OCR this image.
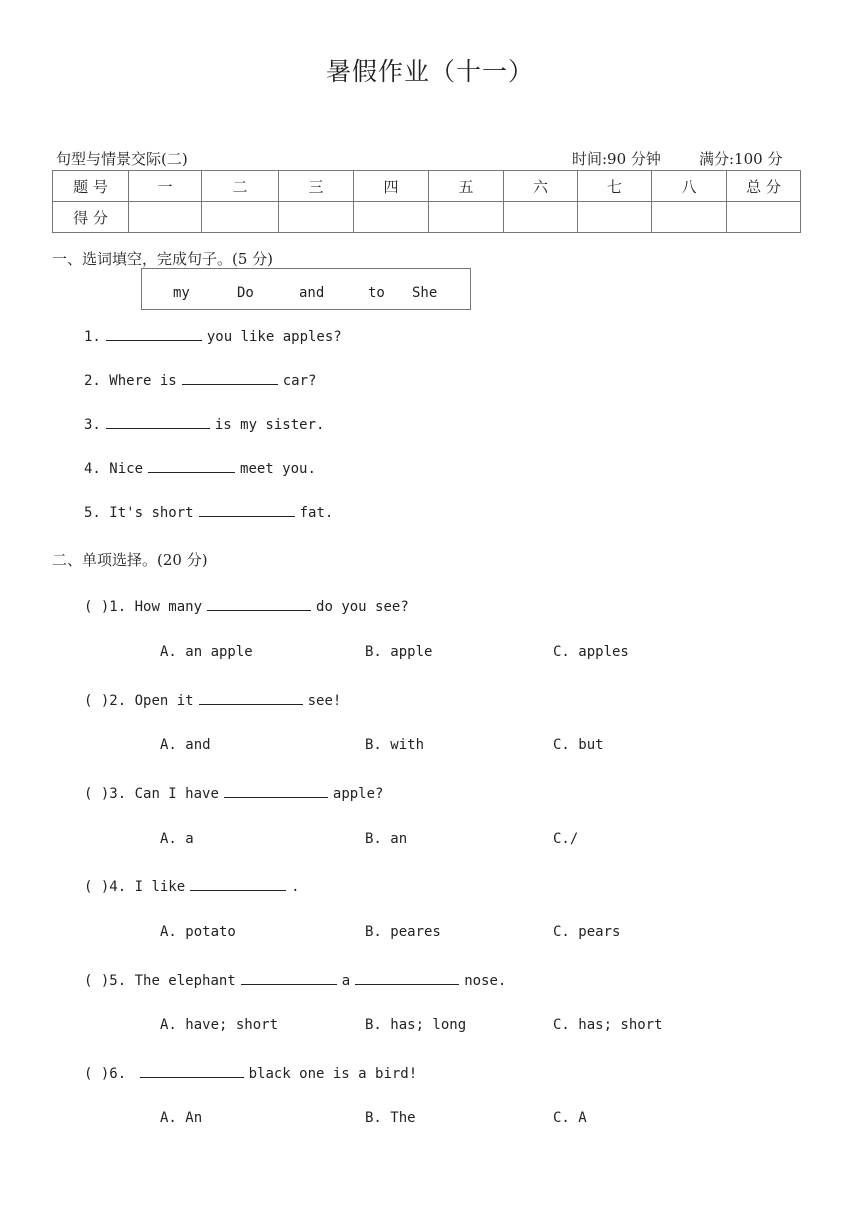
暑假作业（十一）
句型与情景交际(二)	时间:90 分钟	满分:100 分
题 号	一	二	三	四	五	六	七	八	总 分
得 分									
一、选词填空，完成句子。(5 分)
my	Do	and	to She
1.	you like apples?
2. Where is	car?
3.	is my sister.
4. Nice	meet you.
5. It's short	fat.
二、单项选择。(20 分)
( )1. How many	do you see?
A. an apple	B. apple	C. apples
( )2. Open it	see!
A. and	B. with	C. but
( )3. Can I have	apple?
A. a	B. an	C./
( )4. I like	.
A. potato	B. peares	C. pears
( )5. The elephant	a	nose.
A. have; short	B. has; long	C. has; short
( )6.	black one is a bird!
A. An	B. The	C. A
